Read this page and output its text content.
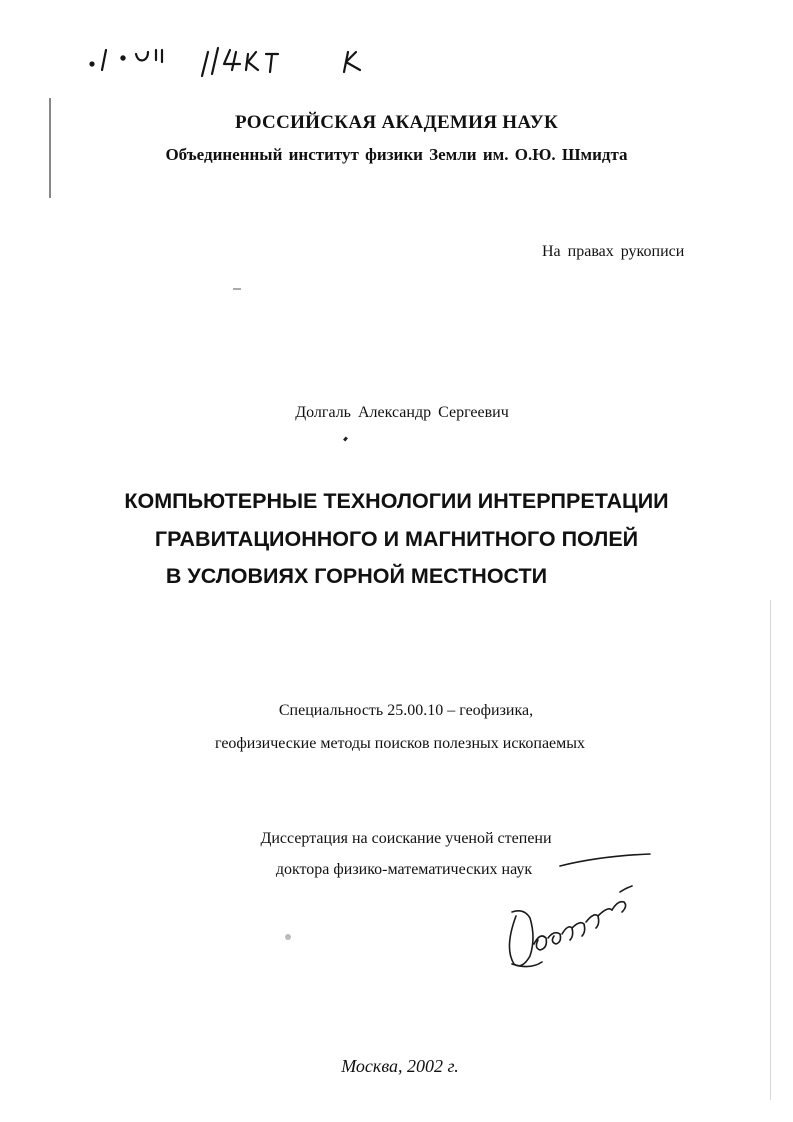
РОССИЙСКАЯ АКАДЕМИЯ НАУК
Объединенный институт физики Земли им. О.Ю. Шмидта
На правах рукописи
Долгаль Александр Сергеевич
КОМПЬЮТЕРНЫЕ ТЕХНОЛОГИИ ИНТЕРПРЕТАЦИИ
ГРАВИТАЦИОННОГО И МАГНИТНОГО ПОЛЕЙ
В УСЛОВИЯХ ГОРНОЙ МЕСТНОСТИ
Специальность 25.00.10 – геофизика,
геофизические методы поисков полезных ископаемых
Диссертация на соискание ученой степени
доктора физико-математических наук
Москва, 2002 г.
